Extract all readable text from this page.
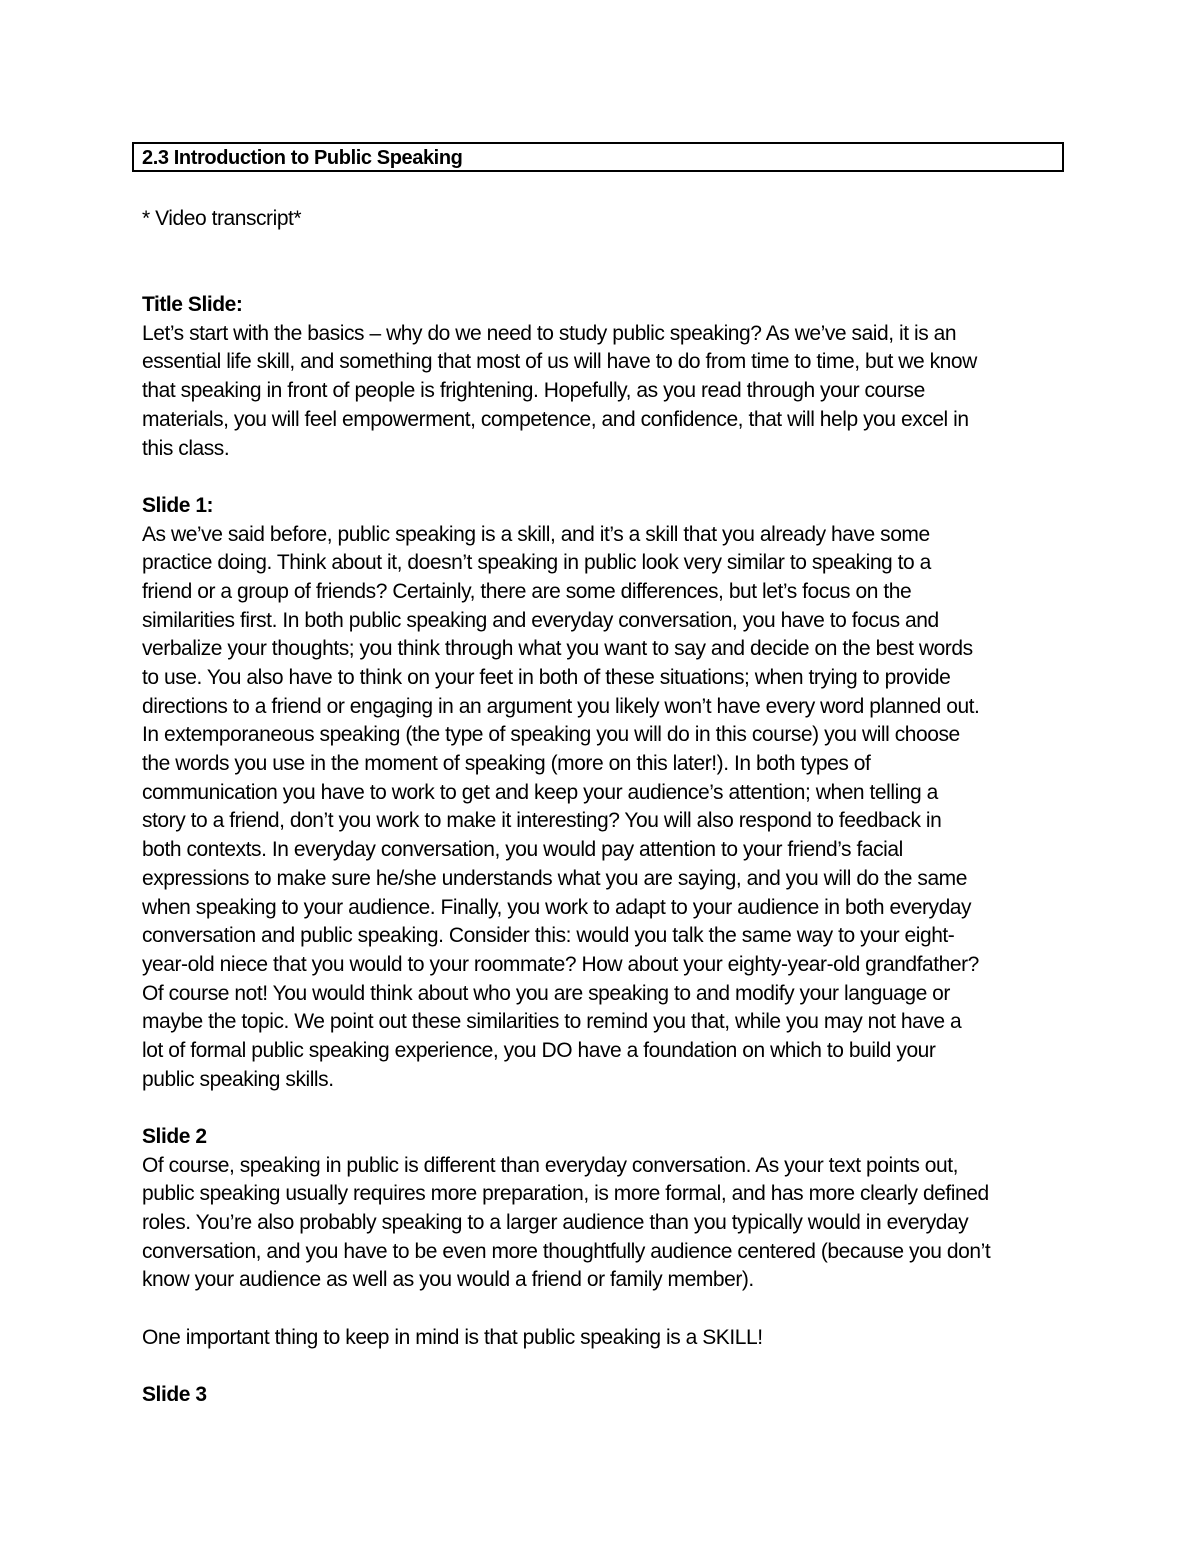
2.3 Introduction to Public Speaking
* Video transcript*
Title Slide:
Let’s start with the basics – why do we need to study public speaking? As we’ve said, it is an
essential life skill, and something that most of us will have to do from time to time, but we know
that speaking in front of people is frightening. Hopefully, as you read through your course
materials, you will feel empowerment, competence, and confidence, that will help you excel in
this class.
Slide 1:
As we’ve said before, public speaking is a skill, and it’s a skill that you already have some
practice doing. Think about it, doesn’t speaking in public look very similar to speaking to a
friend or a group of friends? Certainly, there are some differences, but let’s focus on the
similarities first. In both public speaking and everyday conversation, you have to focus and
verbalize your thoughts; you think through what you want to say and decide on the best words
to use. You also have to think on your feet in both of these situations; when trying to provide
directions to a friend or engaging in an argument you likely won’t have every word planned out.
In extemporaneous speaking (the type of speaking you will do in this course) you will choose
the words you use in the moment of speaking (more on this later!). In both types of
communication you have to work to get and keep your audience’s attention; when telling a
story to a friend, don’t you work to make it interesting? You will also respond to feedback in
both contexts. In everyday conversation, you would pay attention to your friend’s facial
expressions to make sure he/she understands what you are saying, and you will do the same
when speaking to your audience. Finally, you work to adapt to your audience in both everyday
conversation and public speaking. Consider this: would you talk the same way to your eight-
year-old niece that you would to your roommate? How about your eighty-year-old grandfather?
Of course not! You would think about who you are speaking to and modify your language or
maybe the topic. We point out these similarities to remind you that, while you may not have a
lot of formal public speaking experience, you DO have a foundation on which to build your
public speaking skills.
Slide 2
Of course, speaking in public is different than everyday conversation. As your text points out,
public speaking usually requires more preparation, is more formal, and has more clearly defined
roles. You’re also probably speaking to a larger audience than you typically would in everyday
conversation, and you have to be even more thoughtfully audience centered (because you don’t
know your audience as well as you would a friend or family member).
One important thing to keep in mind is that public speaking is a SKILL!
Slide 3
